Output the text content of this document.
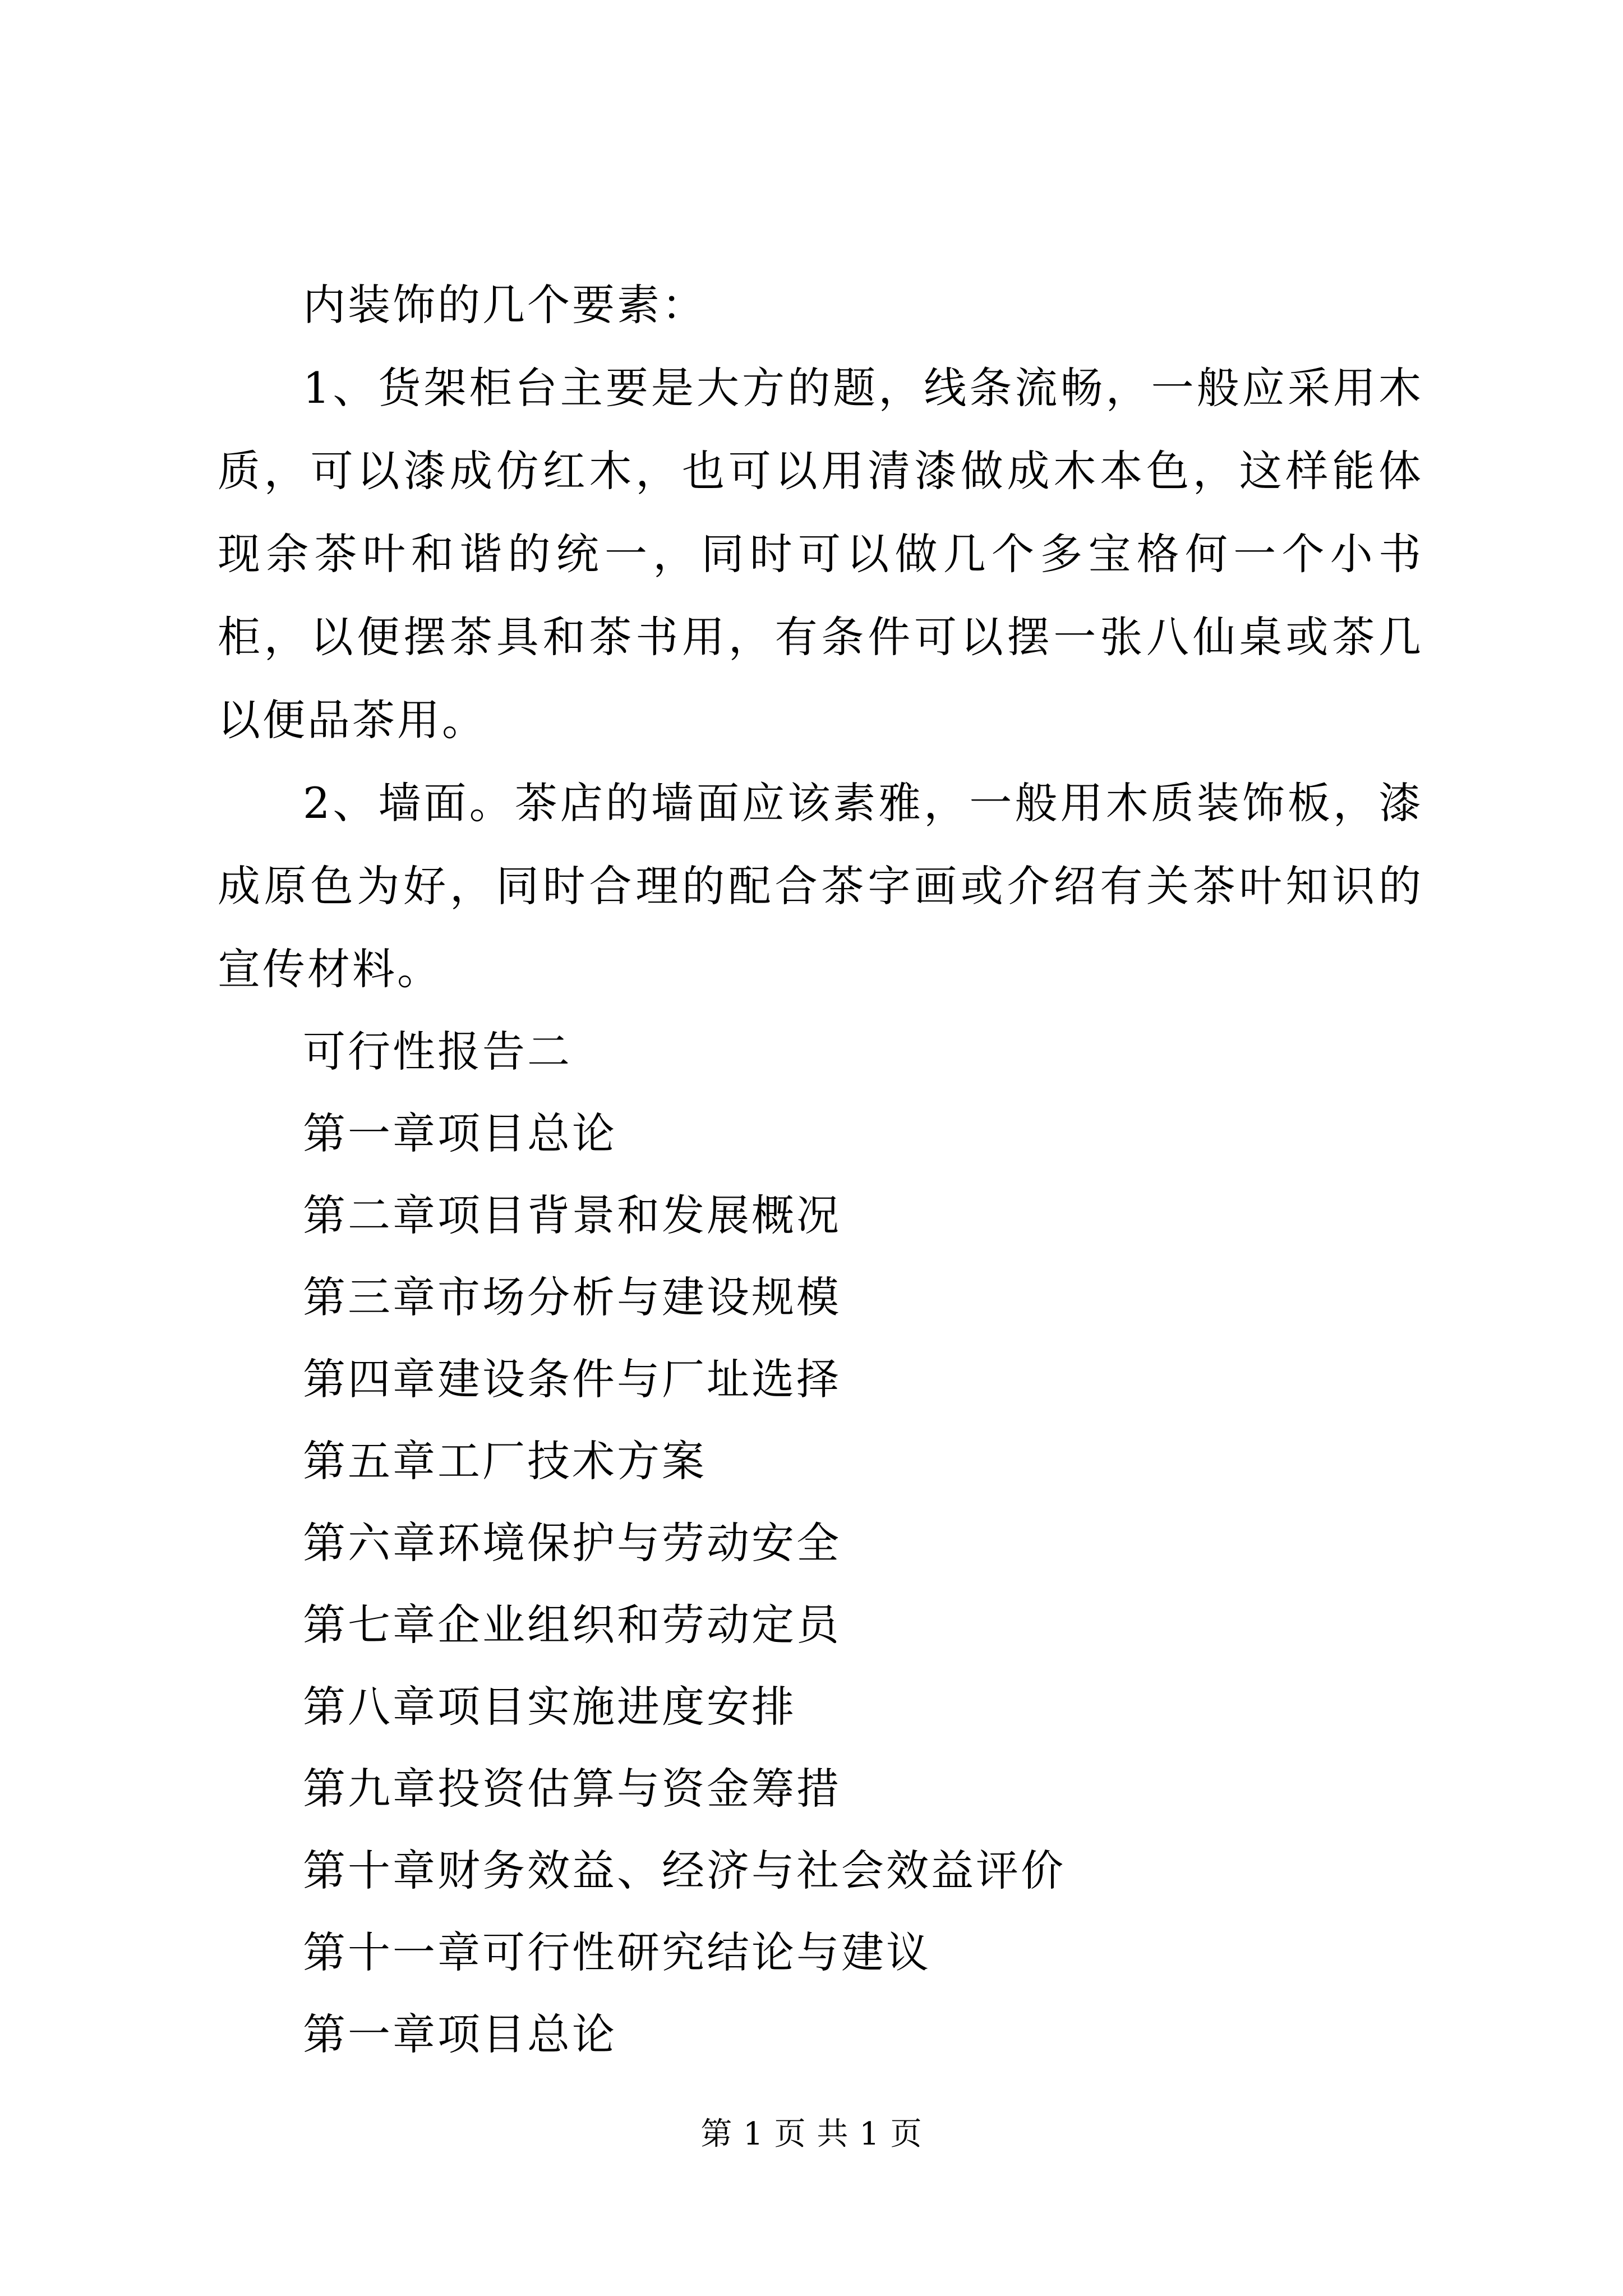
内装饰的几个要素：

1、货架柜台主要是大方的题，线条流畅，一般应采用木质，可以漆成仿红木，也可以用清漆做成木本色，这样能体现余茶叶和谐的统一，同时可以做几个多宝格何一个小书柜，以便摆茶具和茶书用，有条件可以摆一张八仙桌或茶几以便品茶用。

2、墙面。茶店的墙面应该素雅，一般用木质装饰板，漆成原色为好，同时合理的配合茶字画或介绍有关茶叶知识的宣传材料。

可行性报告二

第一章项目总论

第二章项目背景和发展概况

第三章市场分析与建设规模

第四章建设条件与厂址选择

第五章工厂技术方案

第六章环境保护与劳动安全

第七章企业组织和劳动定员

第八章项目实施进度安排

第九章投资估算与资金筹措

第十章财务效益、经济与社会效益评价

第十一章可行性研究结论与建议

第一章项目总论

第 1 页 共 1 页
